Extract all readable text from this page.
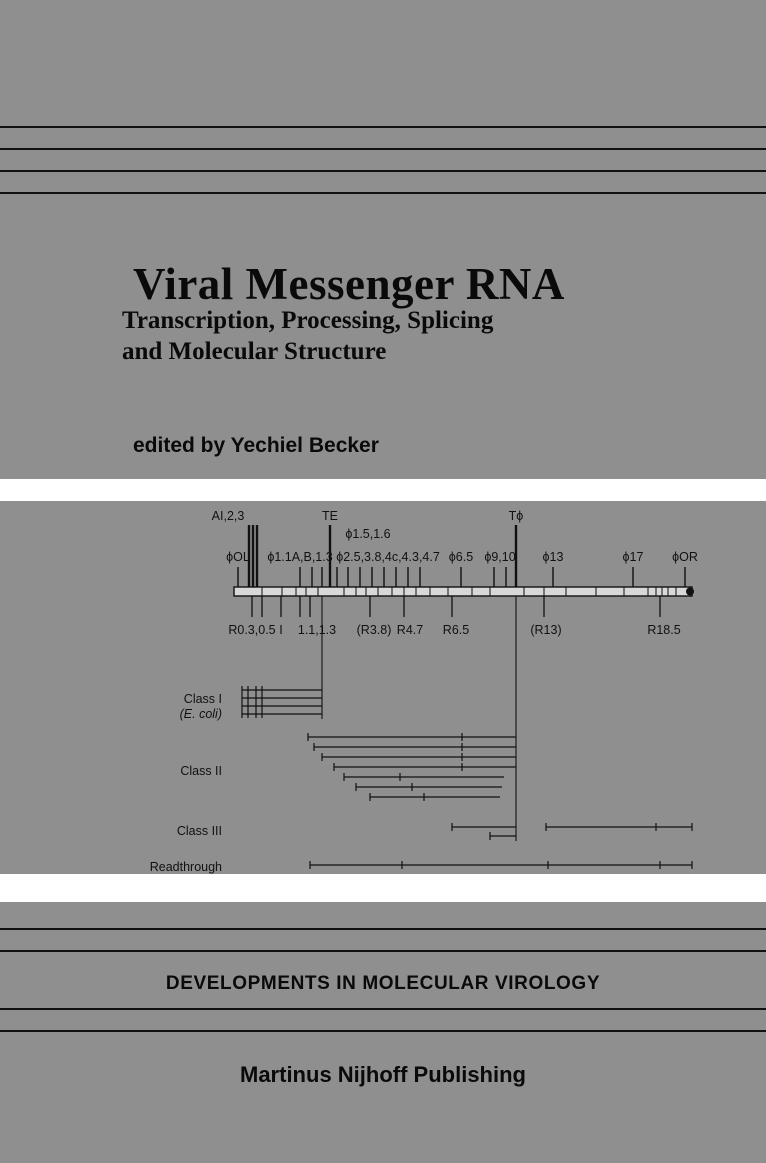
Viral Messenger RNA
Transcription, Processing, Splicing
and Molecular Structure
edited by Yechiel Becker
AI,2,3	TE	Tϕ
ϕ1.5,1.6
ϕOL ϕ1.1A,B,1.3 ϕ2.5,3.8,4c,4.3,4.7 ϕ6.5 ϕ9,10 ϕ13	ϕ17 ϕOR
R0.3,0.5 I 1.1,1.3 (R3.8) R4.7 R6.5	(R13)	R18.5
Class I
(E. coli)
Class II
Class III
Readthrough
DEVELOPMENTS IN MOLECULAR VIROLOGY
Martinus Nijhoff Publishing
